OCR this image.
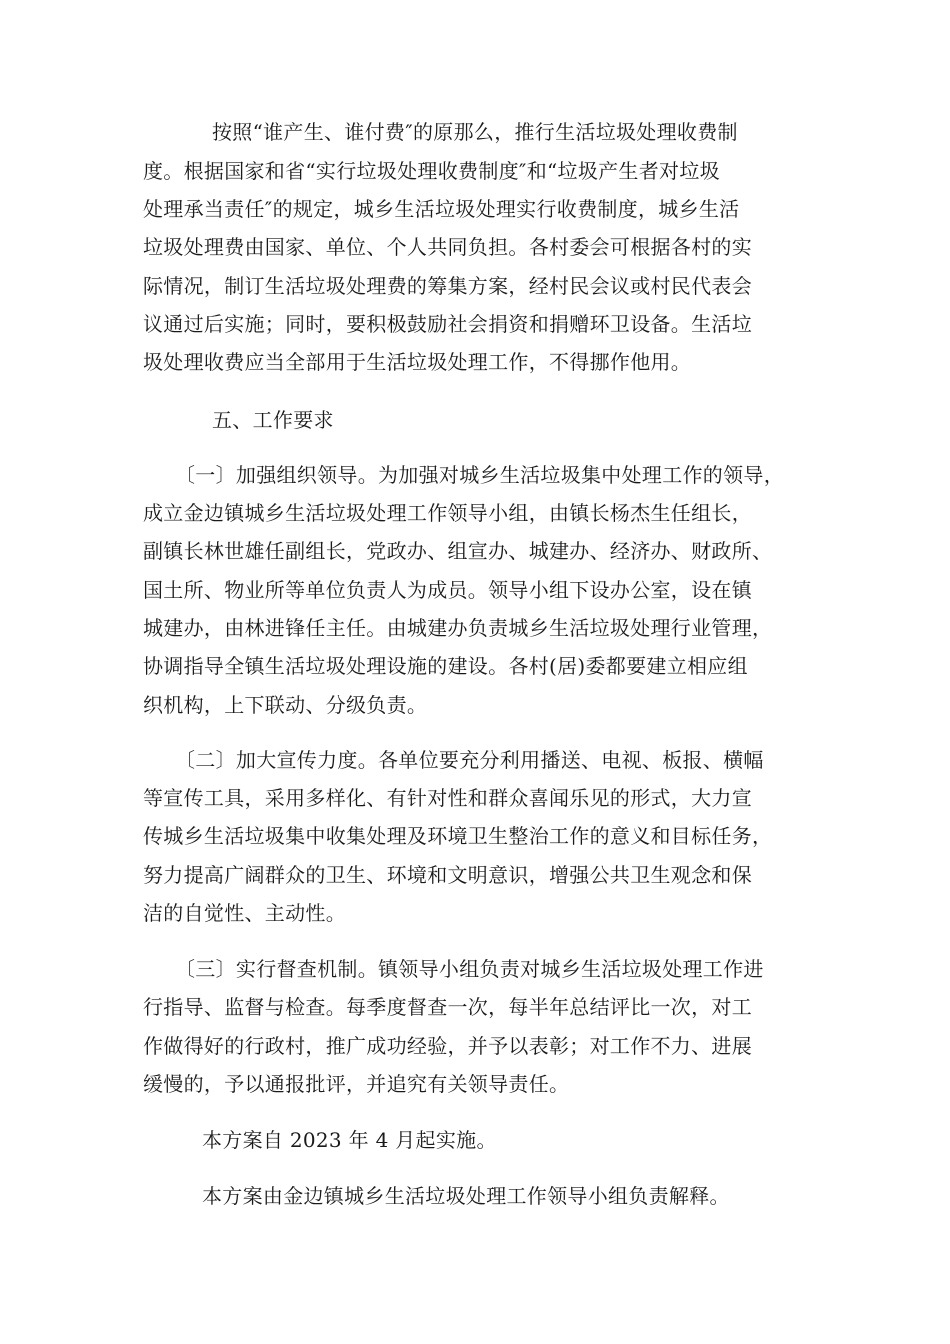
按照“谁产生、谁付费″的原那么，推行生活垃圾处理收费制
度。根据国家和省“实行垃圾处理收费制度″和“垃圾产生者对垃圾
处理承当责任″的规定，城乡生活垃圾处理实行收费制度，城乡生活
垃圾处理费由国家、单位、个人共同负担。各村委会可根据各村的实
际情况，制订生活垃圾处理费的筹集方案，经村民会议或村民代表会
议通过后实施；同时，要积极鼓励社会捐资和捐赠环卫设备。生活垃
圾处理收费应当全部用于生活垃圾处理工作，不得挪作他用。
五、工作要求
〔一〕加强组织领导。为加强对城乡生活垃圾集中处理工作的领导，
成立金边镇城乡生活垃圾处理工作领导小组，由镇长杨杰生任组长，
副镇长林世雄任副组长，党政办、组宣办、城建办、经济办、财政所、
国土所、物业所等单位负责人为成员。领导小组下设办公室，设在镇
城建办，由林进锋任主任。由城建办负责城乡生活垃圾处理行业管理，
协调指导全镇生活垃圾处理设施的建设。各村(居)委都要建立相应组
织机构，上下联动、分级负责。
〔二〕加大宣传力度。各单位要充分利用播送、电视、板报、横幅
等宣传工具，采用多样化、有针对性和群众喜闻乐见的形式，大力宣
传城乡生活垃圾集中收集处理及环境卫生整治工作的意义和目标任务，
努力提高广阔群众的卫生、环境和文明意识，增强公共卫生观念和保
洁的自觉性、主动性。
〔三〕实行督查机制。镇领导小组负责对城乡生活垃圾处理工作进
行指导、监督与检查。每季度督查一次，每半年总结评比一次，对工
作做得好的行政村，推广成功经验，并予以表彰；对工作不力、进展
缓慢的，予以通报批评，并追究有关领导责任。
本方案自 2023 年 4 月起实施。
本方案由金边镇城乡生活垃圾处理工作领导小组负责解释。
